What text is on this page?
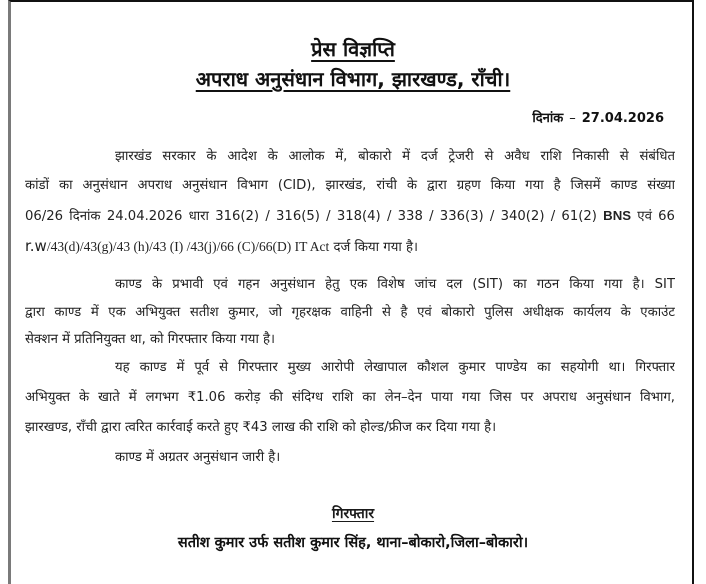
प्रेस विज्ञप्ति
अपराध अनुसंधान विभाग, झारखण्ड, राँची।
दिनांक – 27.04.2026
झारखंड सरकार के आदेश के आलोक में, बोकारो में दर्ज ट्रेजरी से अवैध राशि निकासी से संबंधित
कांडों का अनुसंधान अपराध अनुसंधान विभाग (CID), झारखंड, रांची के द्वारा ग्रहण किया गया है जिसमें काण्ड संख्या
06/26 दिनांक 24.04.2026 धारा 316(2) / 316(5) / 318(4) / 338 / 336(3) / 340(2) / 61(2) BNS एवं 66
r.w/43(d)/43(g)/43 (h)/43 (I) /43(j)/66 (C)/66(D) IT Act दर्ज किया गया है।
काण्ड के प्रभावी एवं गहन अनुसंधान हेतु एक विशेष जांच दल (SIT) का गठन किया गया है। SIT
द्वारा काण्ड में एक अभियुक्त सतीश कुमार, जो गृहरक्षक वाहिनी से है एवं बोकारो पुलिस अधीक्षक कार्यलय के एकाउंट
सेक्शन में प्रतिनियुक्त था, को गिरफ्तार किया गया है।
यह काण्ड में पूर्व से गिरफ्तार मुख्य आरोपी लेखापाल कौशल कुमार पाण्डेय का सहयोगी था। गिरफ्तार
अभियुक्त के खाते में लगभग ₹1.06 करोड़ की संदिग्ध राशि का लेन–देन पाया गया जिस पर अपराध अनुसंधान विभाग,
झारखण्ड, राँची द्वारा त्वरित कार्रवाई करते हुए ₹43 लाख की राशि को होल्ड/फ्रीज कर दिया गया है।
काण्ड में अग्रतर अनुसंधान जारी है।
गिरफ्तार
सतीश कुमार उर्फ सतीश कुमार सिंह, थाना–बोकारो,जिला–बोकारो।
